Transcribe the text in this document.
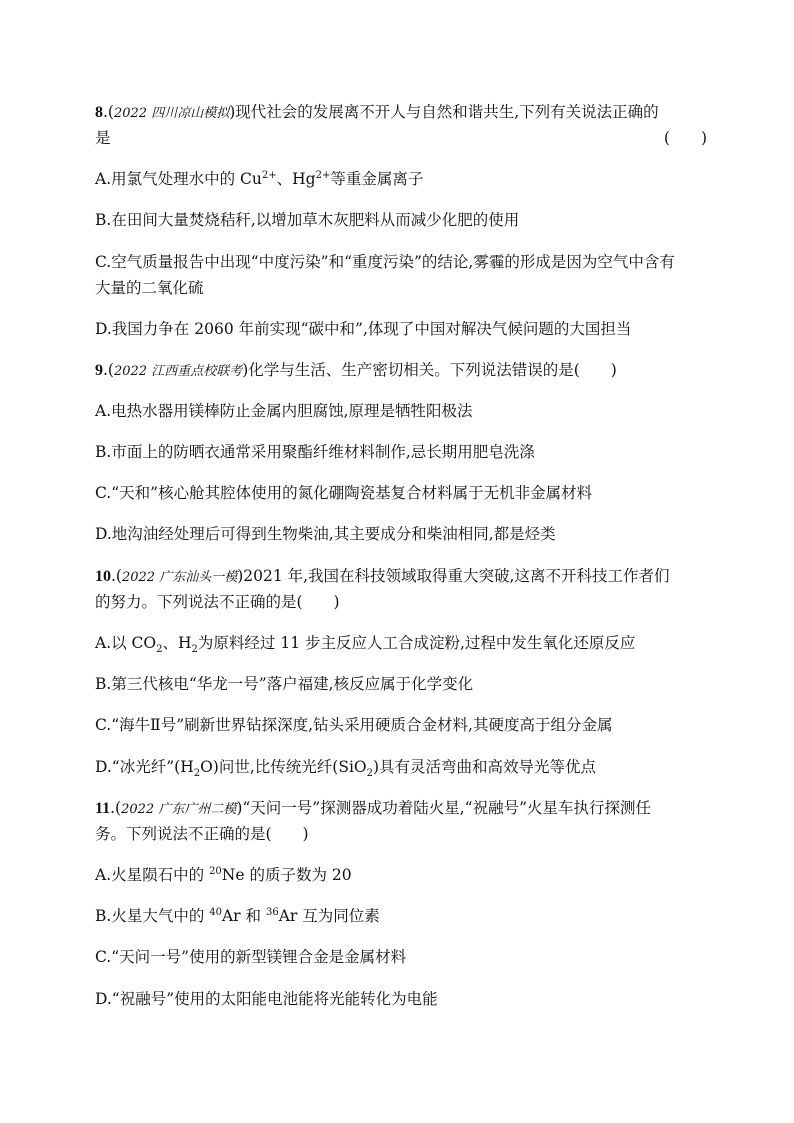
8.(2022 四川凉山模拟)现代社会的发展离不开人与自然和谐共生,下列有关说法正确的
是	(　　)
A.用氯气处理水中的 $Cu^{2+}$、$Hg^{2+}$等重金属离子
B.在田间大量焚烧秸秆,以增加草木灰肥料从而减少化肥的使用
C.空气质量报告中出现“中度污染”和“重度污染”的结论,雾霾的形成是因为空气中含有
大量的二氧化硫
D.我国力争在 2060 年前实现“碳中和”,体现了中国对解决气候问题的大国担当
9.(2022 江西重点校联考)化学与生活、生产密切相关。下列说法错误的是(　　)
A.电热水器用镁棒防止金属内胆腐蚀,原理是牺牲阳极法
B.市面上的防晒衣通常采用聚酯纤维材料制作,忌长期用肥皂洗涤
C.“天和”核心舱其腔体使用的氮化硼陶瓷基复合材料属于无机非金属材料
D.地沟油经处理后可得到生物柴油,其主要成分和柴油相同,都是烃类
10.(2022 广东汕头一模)2021 年,我国在科技领域取得重大突破,这离不开科技工作者们
的努力。下列说法不正确的是(　　)
A.以 $CO_2$、$H_2$为原料经过 11 步主反应人工合成淀粉,过程中发生氧化还原反应
B.第三代核电“华龙一号”落户福建,核反应属于化学变化
C.“海牛Ⅱ号”刷新世界钻探深度,钻头采用硬质合金材料,其硬度高于组分金属
D.“冰光纤$”(H_2O)$问世,比传统光纤(SiO$_2$)具有灵活弯曲和高效导光等优点
11.(2022 广东广州二模)“天问一号”探测器成功着陆火星,“祝融号”火星车执行探测任
务。下列说法不正确的是(　　)
A.火星陨石中的 $^{20}$Ne 的质子数为 20
B.火星大气中的 $^{40}$Ar 和 $^{36}$Ar 互为同位素
C.“天问一号”使用的新型镁锂合金是金属材料
D.“祝融号”使用的太阳能电池能将光能转化为电能
